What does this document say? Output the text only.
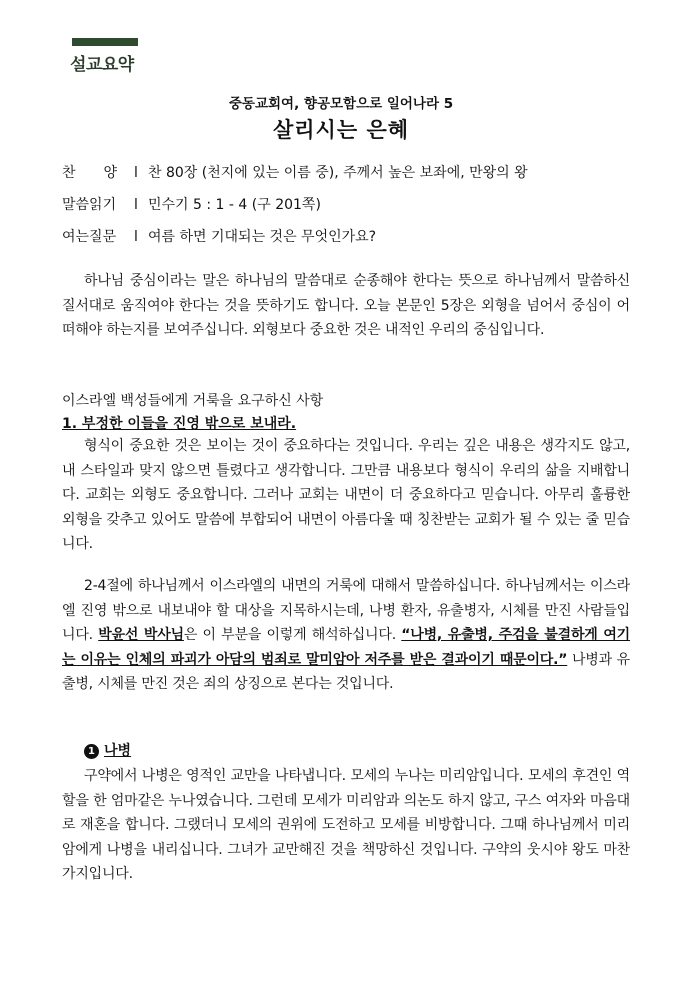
설교요약
중동교회여, 향공모함으로 일어나라 5
살리시는 은혜
찬　　양 l 찬 80장 (천지에 있는 이름 중), 주께서 높은 보좌에, 만왕의 왕
말씀읽기 l 민수기 5 : 1 - 4 (구 201쪽)
여는질문 l 여름 하면 기대되는 것은 무엇인가요?
하나님 중심이라는 말은 하나님의 말씀대로 순종해야 한다는 뜻으로 하나님께서 말씀하신 질서대로 움직여야 한다는 것을 뜻하기도 합니다. 오늘 본문인 5장은 외형을 넘어서 중심이 어떠해야 하는지를 보여주십니다. 외형보다 중요한 것은 내적인 우리의 중심입니다.
이스라엘 백성들에게 거룩을 요구하신 사항
1. 부정한 이들을 진영 밖으로 보내라.
형식이 중요한 것은 보이는 것이 중요하다는 것입니다. 우리는 깊은 내용은 생각지도 않고, 내 스타일과 맞지 않으면 틀렸다고 생각합니다. 그만큼 내용보다 형식이 우리의 삶을 지배합니다. 교회는 외형도 중요합니다. 그러나 교회는 내면이 더 중요하다고 믿습니다. 아무리 훌륭한 외형을 갖추고 있어도 말씀에 부합되어 내면이 아름다울 때 칭찬받는 교회가 될 수 있는 줄 믿습니다.
2-4절에 하나님께서 이스라엘의 내면의 거룩에 대해서 말씀하십니다. 하나님께서는 이스라엘 진영 밖으로 내보내야 할 대상을 지목하시는데, 나병 환자, 유출병자, 시체를 만진 사람들입니다. 박윤선 박사님은 이 부분을 이렇게 해석하십니다. “나병, 유출병, 주검을 불결하게 여기는 이유는 인체의 파괴가 아담의 범죄로 말미암아 저주를 받은 결과이기 때문이다.” 나병과 유출병, 시체를 만진 것은 죄의 상징으로 본다는 것입니다.
1 나병
구약에서 나병은 영적인 교만을 나타냅니다. 모세의 누나는 미리암입니다. 모세의 후견인 역할을 한 엄마같은 누나였습니다. 그런데 모세가 미리암과 의논도 하지 않고, 구스 여자와 마음대로 재혼을 합니다. 그랬더니 모세의 권위에 도전하고 모세를 비방합니다. 그때 하나님께서 미리암에게 나병을 내리십니다. 그녀가 교만해진 것을 책망하신 것입니다. 구약의 웃시야 왕도 마찬가지입니다.
